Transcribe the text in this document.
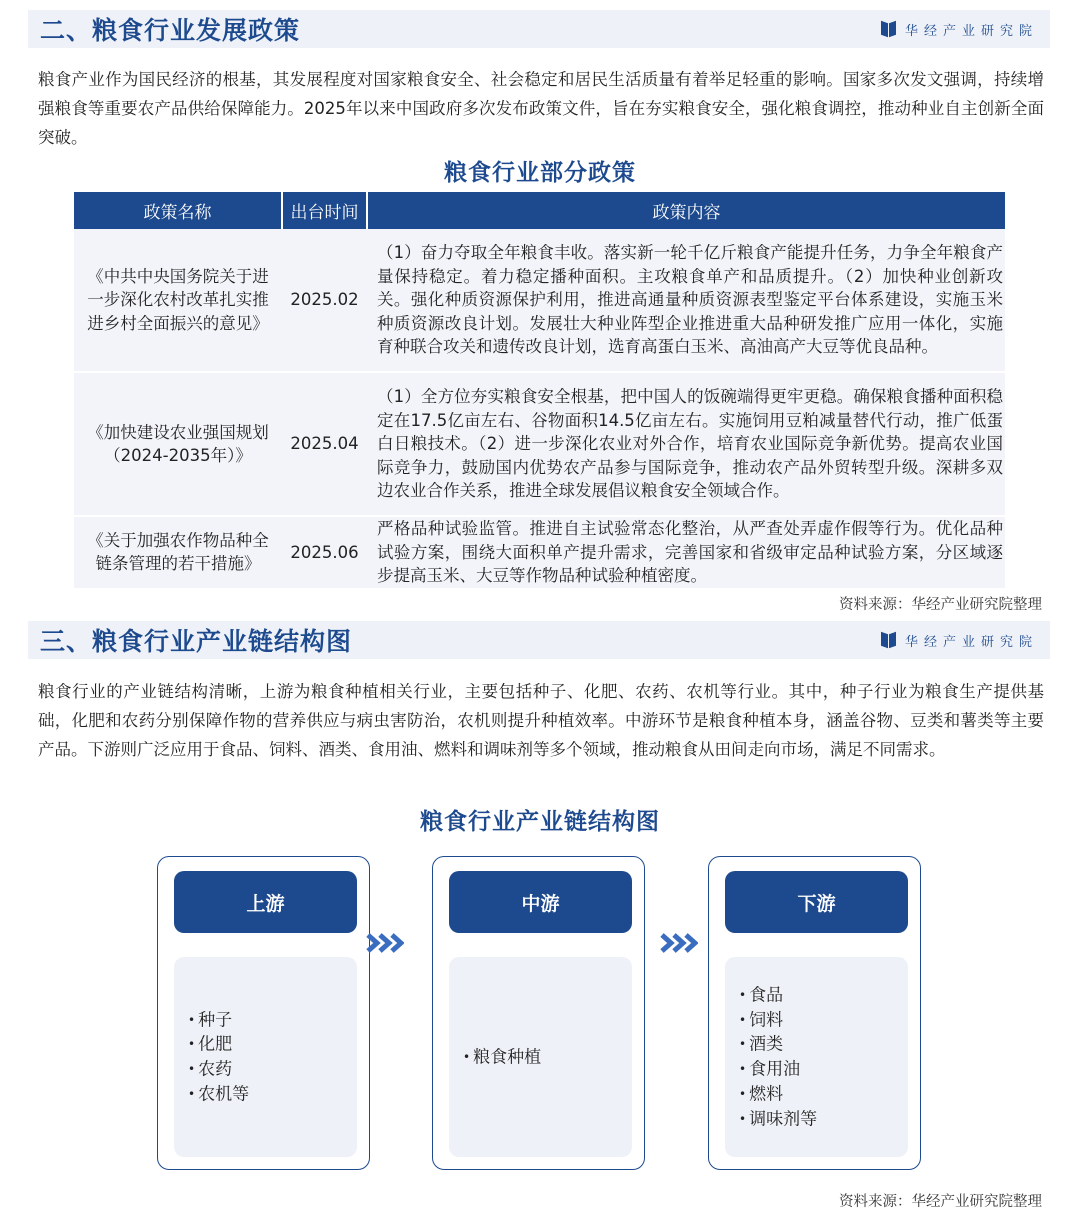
二、粮食行业发展政策	华经产业研究院

粮食产业作为国民经济的根基，其发展程度对国家粮食安全、社会稳定和居民生活质量有着举足轻重的影响。国家多次发文强调，持续增强粮食等重要农产品供给保障能力。2025年以来中国政府多次发布政策文件，旨在夯实粮食安全，强化粮食调控，推动种业自主创新全面突破。

粮食行业部分政策
政策名称	出台时间	政策内容
《中共中央国务院关于进一步深化农村改革扎实推进乡村全面振兴的意见》	2025.02	（1）奋力夺取全年粮食丰收。落实新一轮千亿斤粮食产能提升任务，力争全年粮食产量保持稳定。着力稳定播种面积。主攻粮食单产和品质提升。（2）加快种业创新攻关。强化种质资源保护利用，推进高通量种质资源表型鉴定平台体系建设，实施玉米种质资源改良计划。发展壮大种业阵型企业推进重大品种研发推广应用一体化，实施育种联合攻关和遗传改良计划，选育高蛋白玉米、高油高产大豆等优良品种。
《加快建设农业强国规划（2024-2035年）》	2025.04	（1）全方位夯实粮食安全根基，把中国人的饭碗端得更牢更稳。确保粮食播种面积稳定在17.5亿亩左右、谷物面积14.5亿亩左右。实施饲用豆粕减量替代行动，推广低蛋白日粮技术。（2）进一步深化农业对外合作，培育农业国际竞争新优势。提高农业国际竞争力，鼓励国内优势农产品参与国际竞争，推动农产品外贸转型升级。深耕多双边农业合作关系，推进全球发展倡议粮食安全领域合作。
《关于加强农作物品种全链条管理的若干措施》	2025.06	严格品种试验监管。推进自主试验常态化整治，从严查处弄虚作假等行为。优化品种试验方案，围绕大面积单产提升需求，完善国家和省级审定品种试验方案，分区域逐步提高玉米、大豆等作物品种试验种植密度。
资料来源：华经产业研究院整理
三、粮食行业产业链结构图	华经产业研究院

粮食行业的产业链结构清晰，上游为粮食种植相关行业，主要包括种子、化肥、农药、农机等行业。其中，种子行业为粮食生产提供基础，化肥和农药分别保障作物的营养供应与病虫害防治，农机则提升种植效率。中游环节是粮食种植本身，涵盖谷物、豆类和薯类等主要产品。下游则广泛应用于食品、饲料、酒类、食用油、燃料和调味剂等多个领域，推动粮食从田间走向市场，满足不同需求。

粮食行业产业链结构图
上游
• 种子
• 化肥
• 农药
• 农机等
中游
• 粮食种植
下游
• 食品
• 饲料
• 酒类
• 食用油
• 燃料
• 调味剂等
资料来源：华经产业研究院整理
